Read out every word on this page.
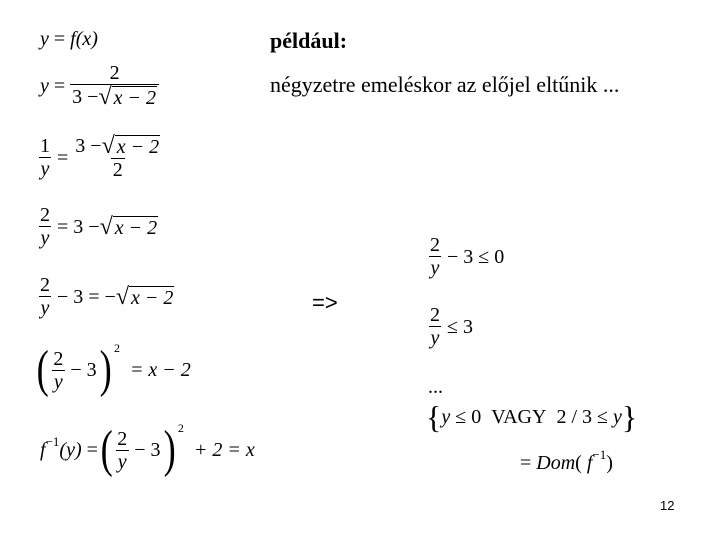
például:
négyzetre emeléskor az előjel eltűnik ...
y = f (x)
$y = \frac{2}{3 - √ x - 2}$
$\frac{1}{y} = \frac{3 - √ x - 2}{2}$
$\frac{2}{y} = 3$ − √ x − 2
$\frac{2}{y} - 3$ = − √ x − 2
( $\frac{2}{y} - 3$ ) 2
= x − 2
f −1 (y) = ( $\frac{2}{y} - 3$ ) 2
+ 2 = x
=>
$\frac{2}{y} - 3 \le 0$
$\frac{2}{y} \le 3$
...
{ y ≤ 0 VAGY 2 / 3 ≤ y }
= Dom ( f −1 )
12
